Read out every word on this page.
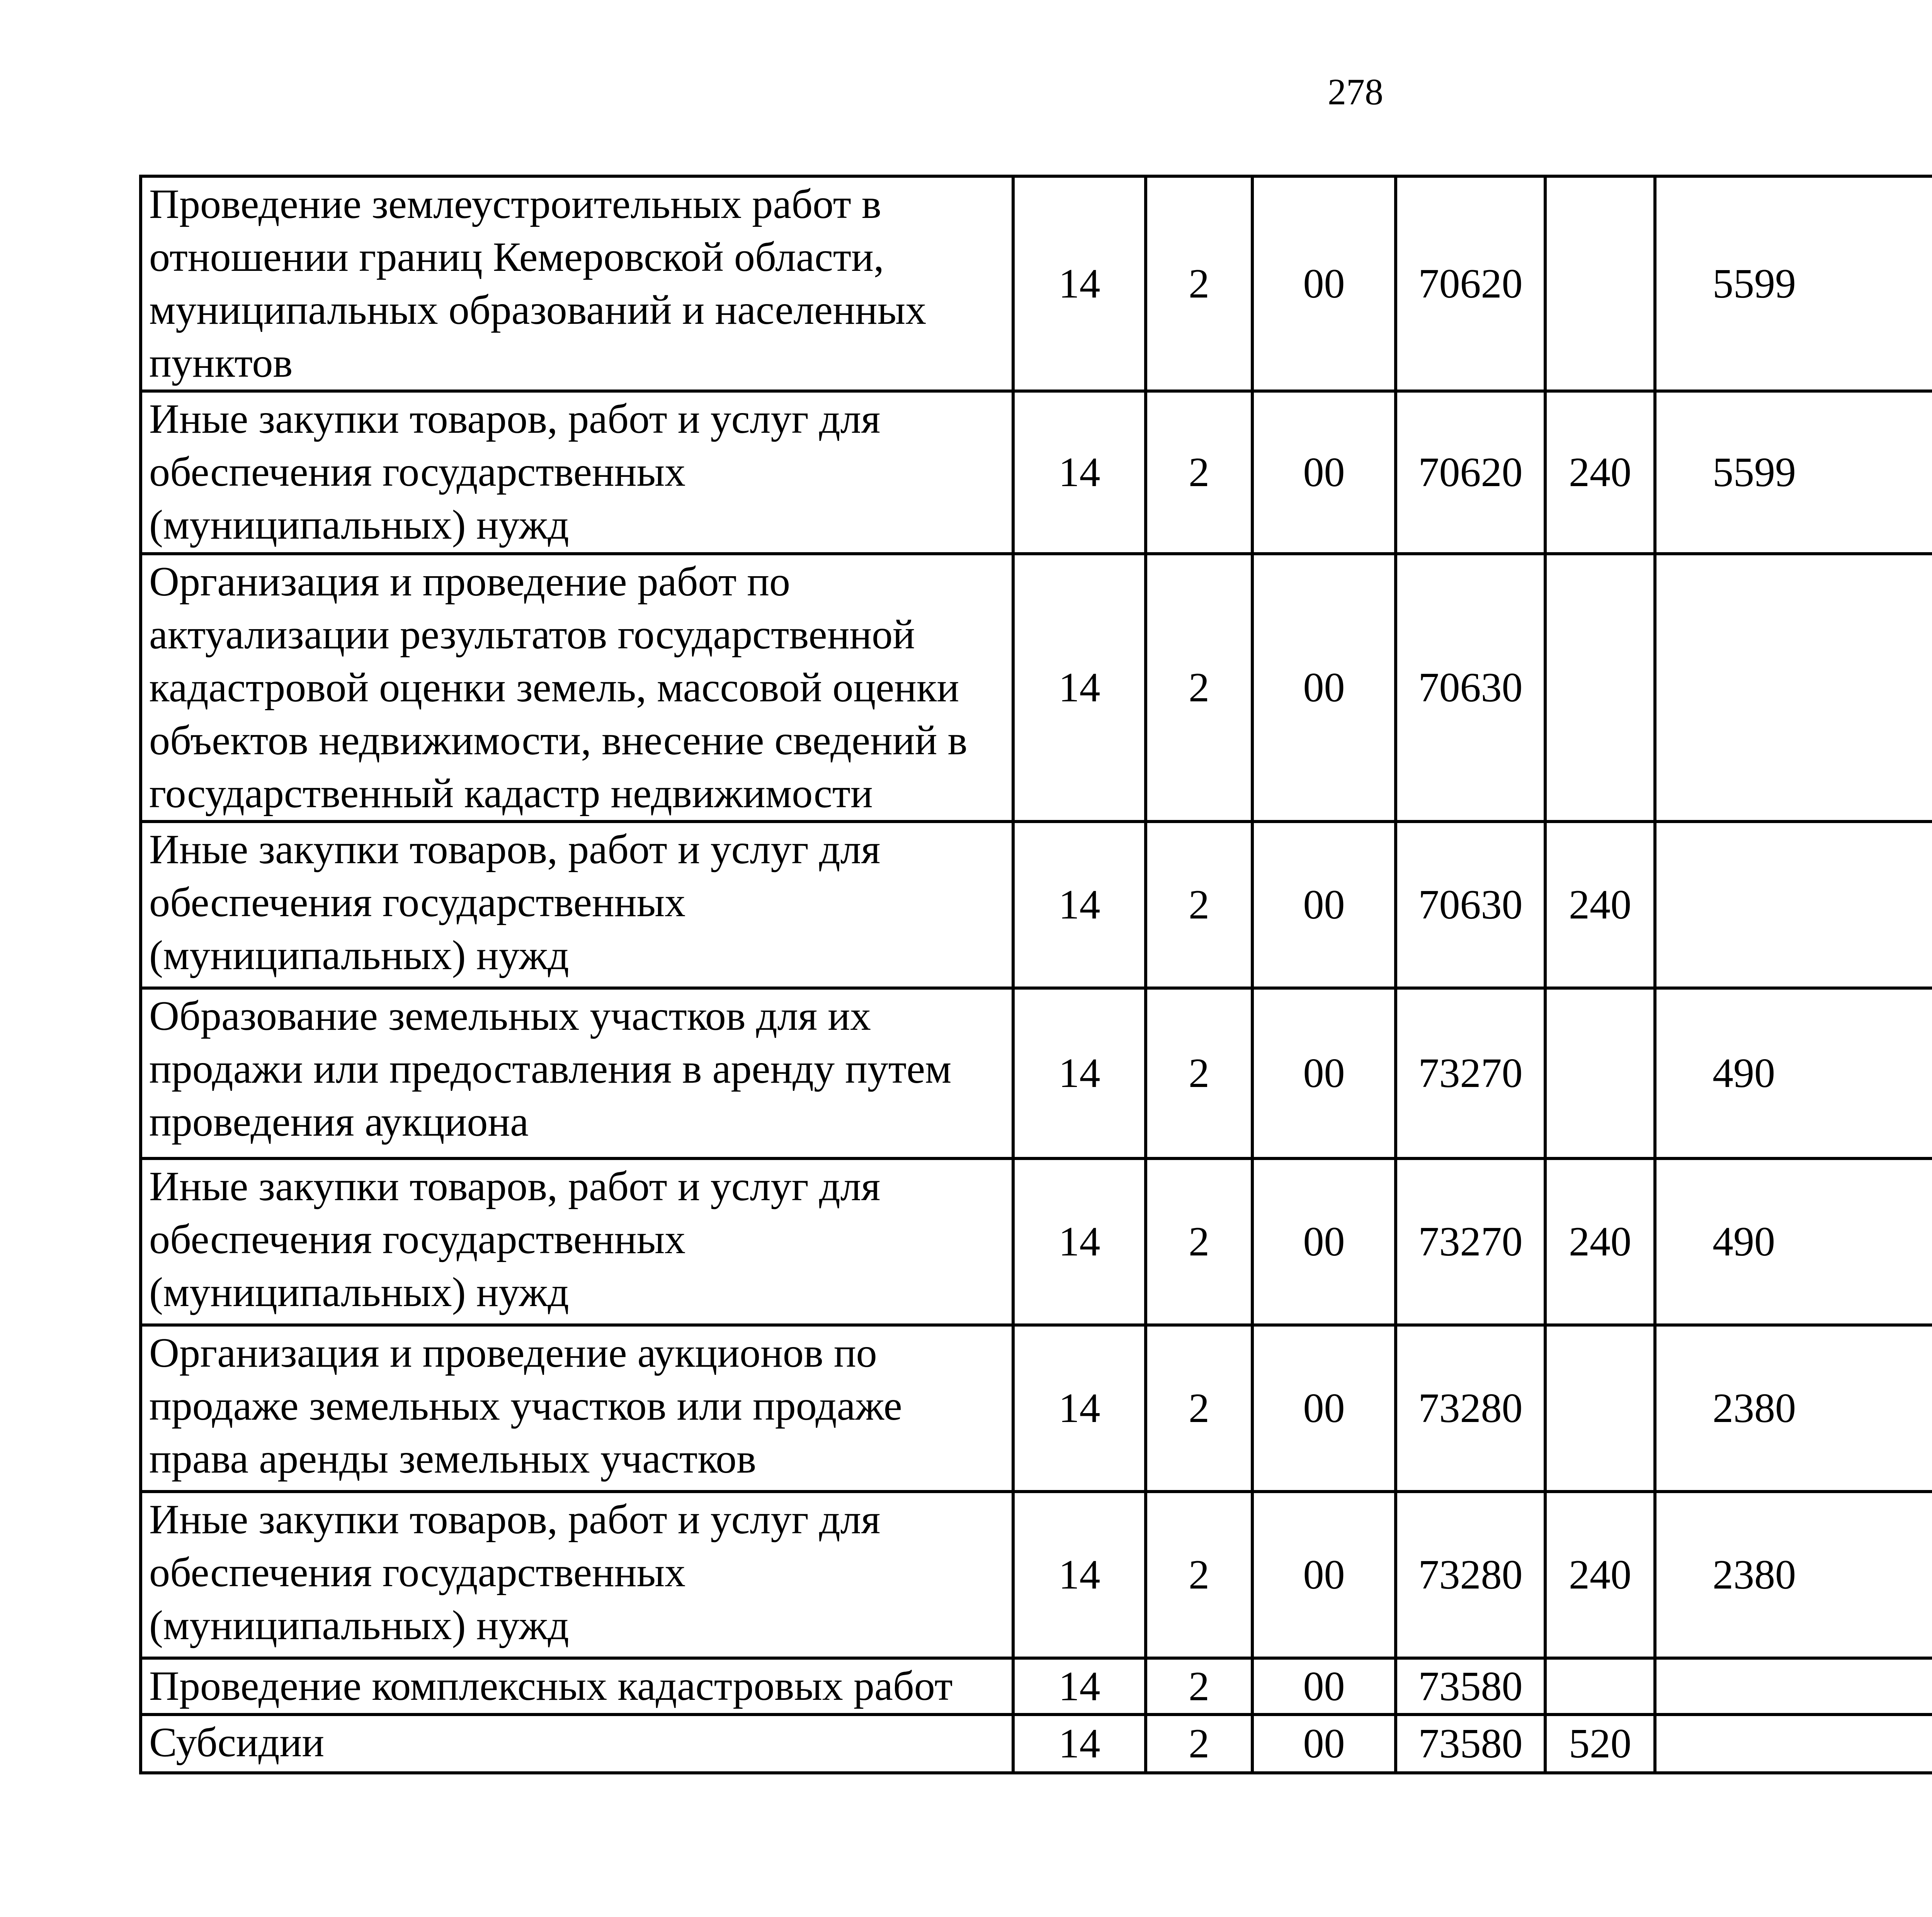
278
Проведение землеустроительных работ в отношении границ Кемеровской области, муниципальных образований и населенных пунктов	14	2	00	70620		5599		
Иные закупки товаров, работ и услуг для обеспечения государственных (муниципальных) нужд	14	2	00	70620	240	5599		
Организация и проведение работ по актуализации результатов государственной кадастровой оценки земель, массовой оценки объектов недвижимости, внесение сведений в государственный кадастр недвижимости	14	2	00	70630				
Иные закупки товаров, работ и услуг для обеспечения государственных (муниципальных) нужд	14	2	00	70630	240			
Образование земельных участков для их продажи или предоставления в аренду путем проведения аукциона	14	2	00	73270		490		
Иные закупки товаров, работ и услуг для обеспечения государственных (муниципальных) нужд	14	2	00	73270	240	490		
Организация и проведение аукционов по продаже земельных участков или продаже права аренды земельных участков	14	2	00	73280		2380		
Иные закупки товаров, работ и услуг для обеспечения государственных (муниципальных) нужд	14	2	00	73280	240	2380		
Проведение комплексных кадастровых работ	14	2	00	73580				
Субсидии	14	2	00	73580	520			
